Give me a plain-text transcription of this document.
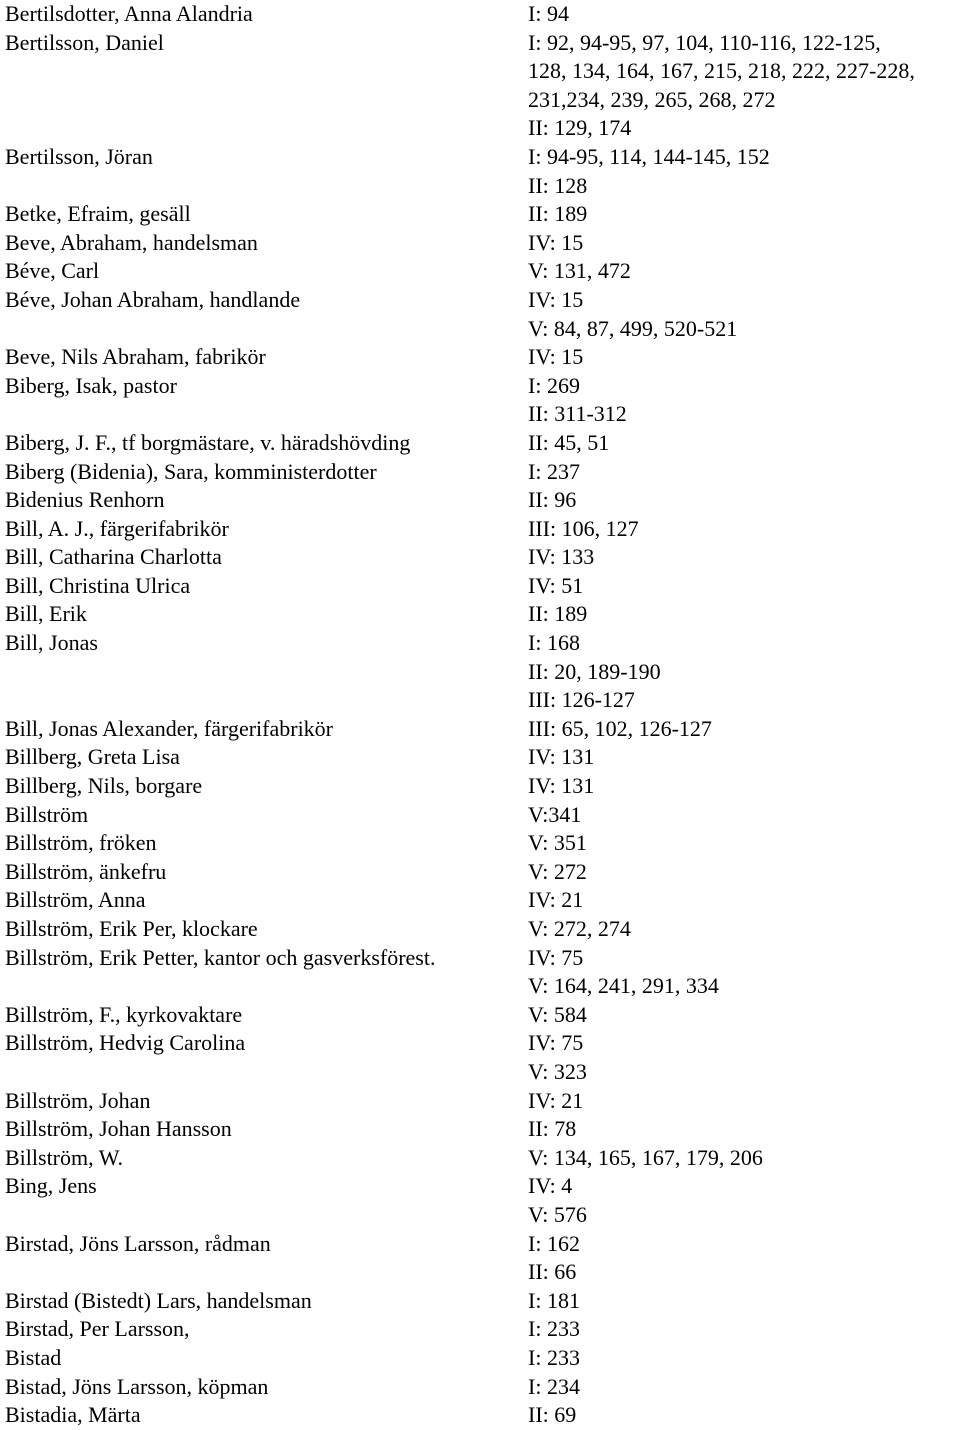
Bertilsdotter, Anna Alandria	I: 94
Bertilsson, Daniel	I: 92, 94-95, 97, 104, 110-116, 122-125,
128, 134, 164, 167, 215, 218, 222, 227-228,
231,234, 239, 265, 268, 272
II: 129, 174
Bertilsson, Jöran	I: 94-95, 114, 144-145, 152
II: 128
Betke, Efraim, gesäll	II: 189
Beve, Abraham, handelsman	IV: 15
Béve, Carl	V: 131, 472
Béve, Johan Abraham, handlande	IV: 15
V: 84, 87, 499, 520-521
Beve, Nils Abraham, fabrikör	IV: 15
Biberg, Isak, pastor	I: 269
II: 311-312
Biberg, J. F., tf borgmästare, v. häradshövding	II: 45, 51
Biberg (Bidenia), Sara, komministerdotter	I: 237
Bidenius Renhorn	II: 96
Bill, A. J., färgerifabrikör	III: 106, 127
Bill, Catharina Charlotta	IV: 133
Bill, Christina Ulrica	IV: 51
Bill, Erik	II: 189
Bill, Jonas	I: 168
II: 20, 189-190
III: 126-127
Bill, Jonas Alexander, färgerifabrikör	III: 65, 102, 126-127
Billberg, Greta Lisa	IV: 131
Billberg, Nils, borgare	IV: 131
Billström	V:341
Billström, fröken	V: 351
Billström, änkefru	V: 272
Billström, Anna	IV: 21
Billström, Erik Per, klockare	V: 272, 274
Billström, Erik Petter, kantor och gasverksförest.	IV: 75
V: 164, 241, 291, 334
Billström, F., kyrkovaktare	V: 584
Billström, Hedvig Carolina	IV: 75
V: 323
Billström, Johan	IV: 21
Billström, Johan Hansson	II: 78
Billström, W.	V: 134, 165, 167, 179, 206
Bing, Jens	IV: 4
V: 576
Birstad, Jöns Larsson, rådman	I: 162
II: 66
Birstad (Bistedt) Lars, handelsman	I: 181
Birstad, Per Larsson,	I: 233
Bistad	I: 233
Bistad, Jöns Larsson, köpman	I: 234
Bistadia, Märta	II: 69
